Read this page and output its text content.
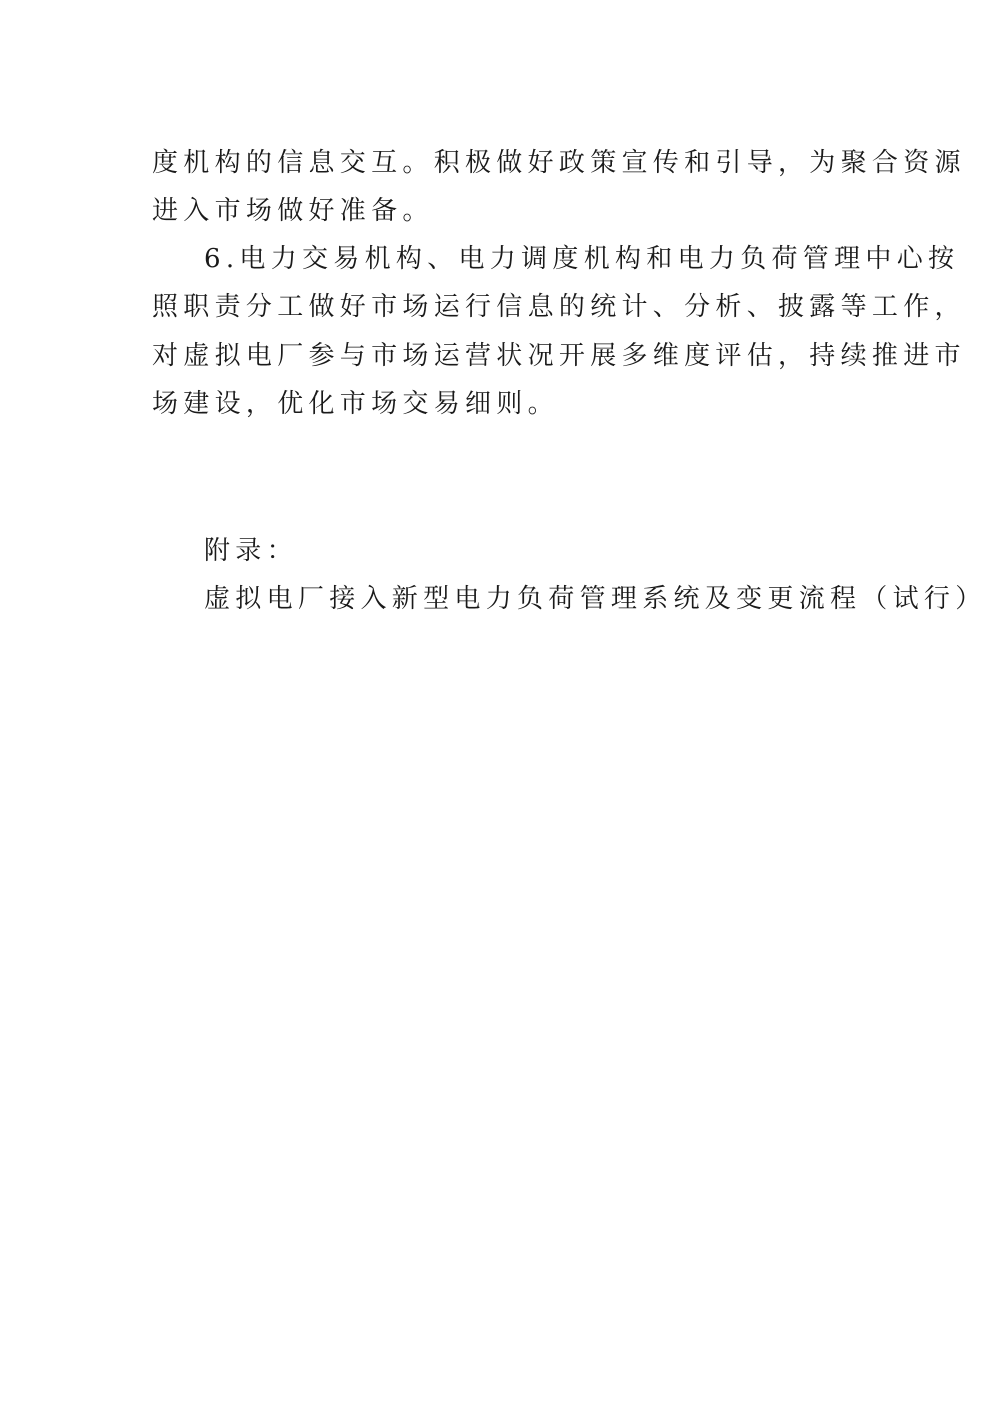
度机构的信息交互。积极做好政策宣传和引导，为聚合资源
进入市场做好准备。
6.电力交易机构、电力调度机构和电力负荷管理中心按
照职责分工做好市场运行信息的统计、分析、披露等工作，
对虚拟电厂参与市场运营状况开展多维度评估，持续推进市
场建设，优化市场交易细则。
附录：
虚拟电厂接入新型电力负荷管理系统及变更流程（试行）
